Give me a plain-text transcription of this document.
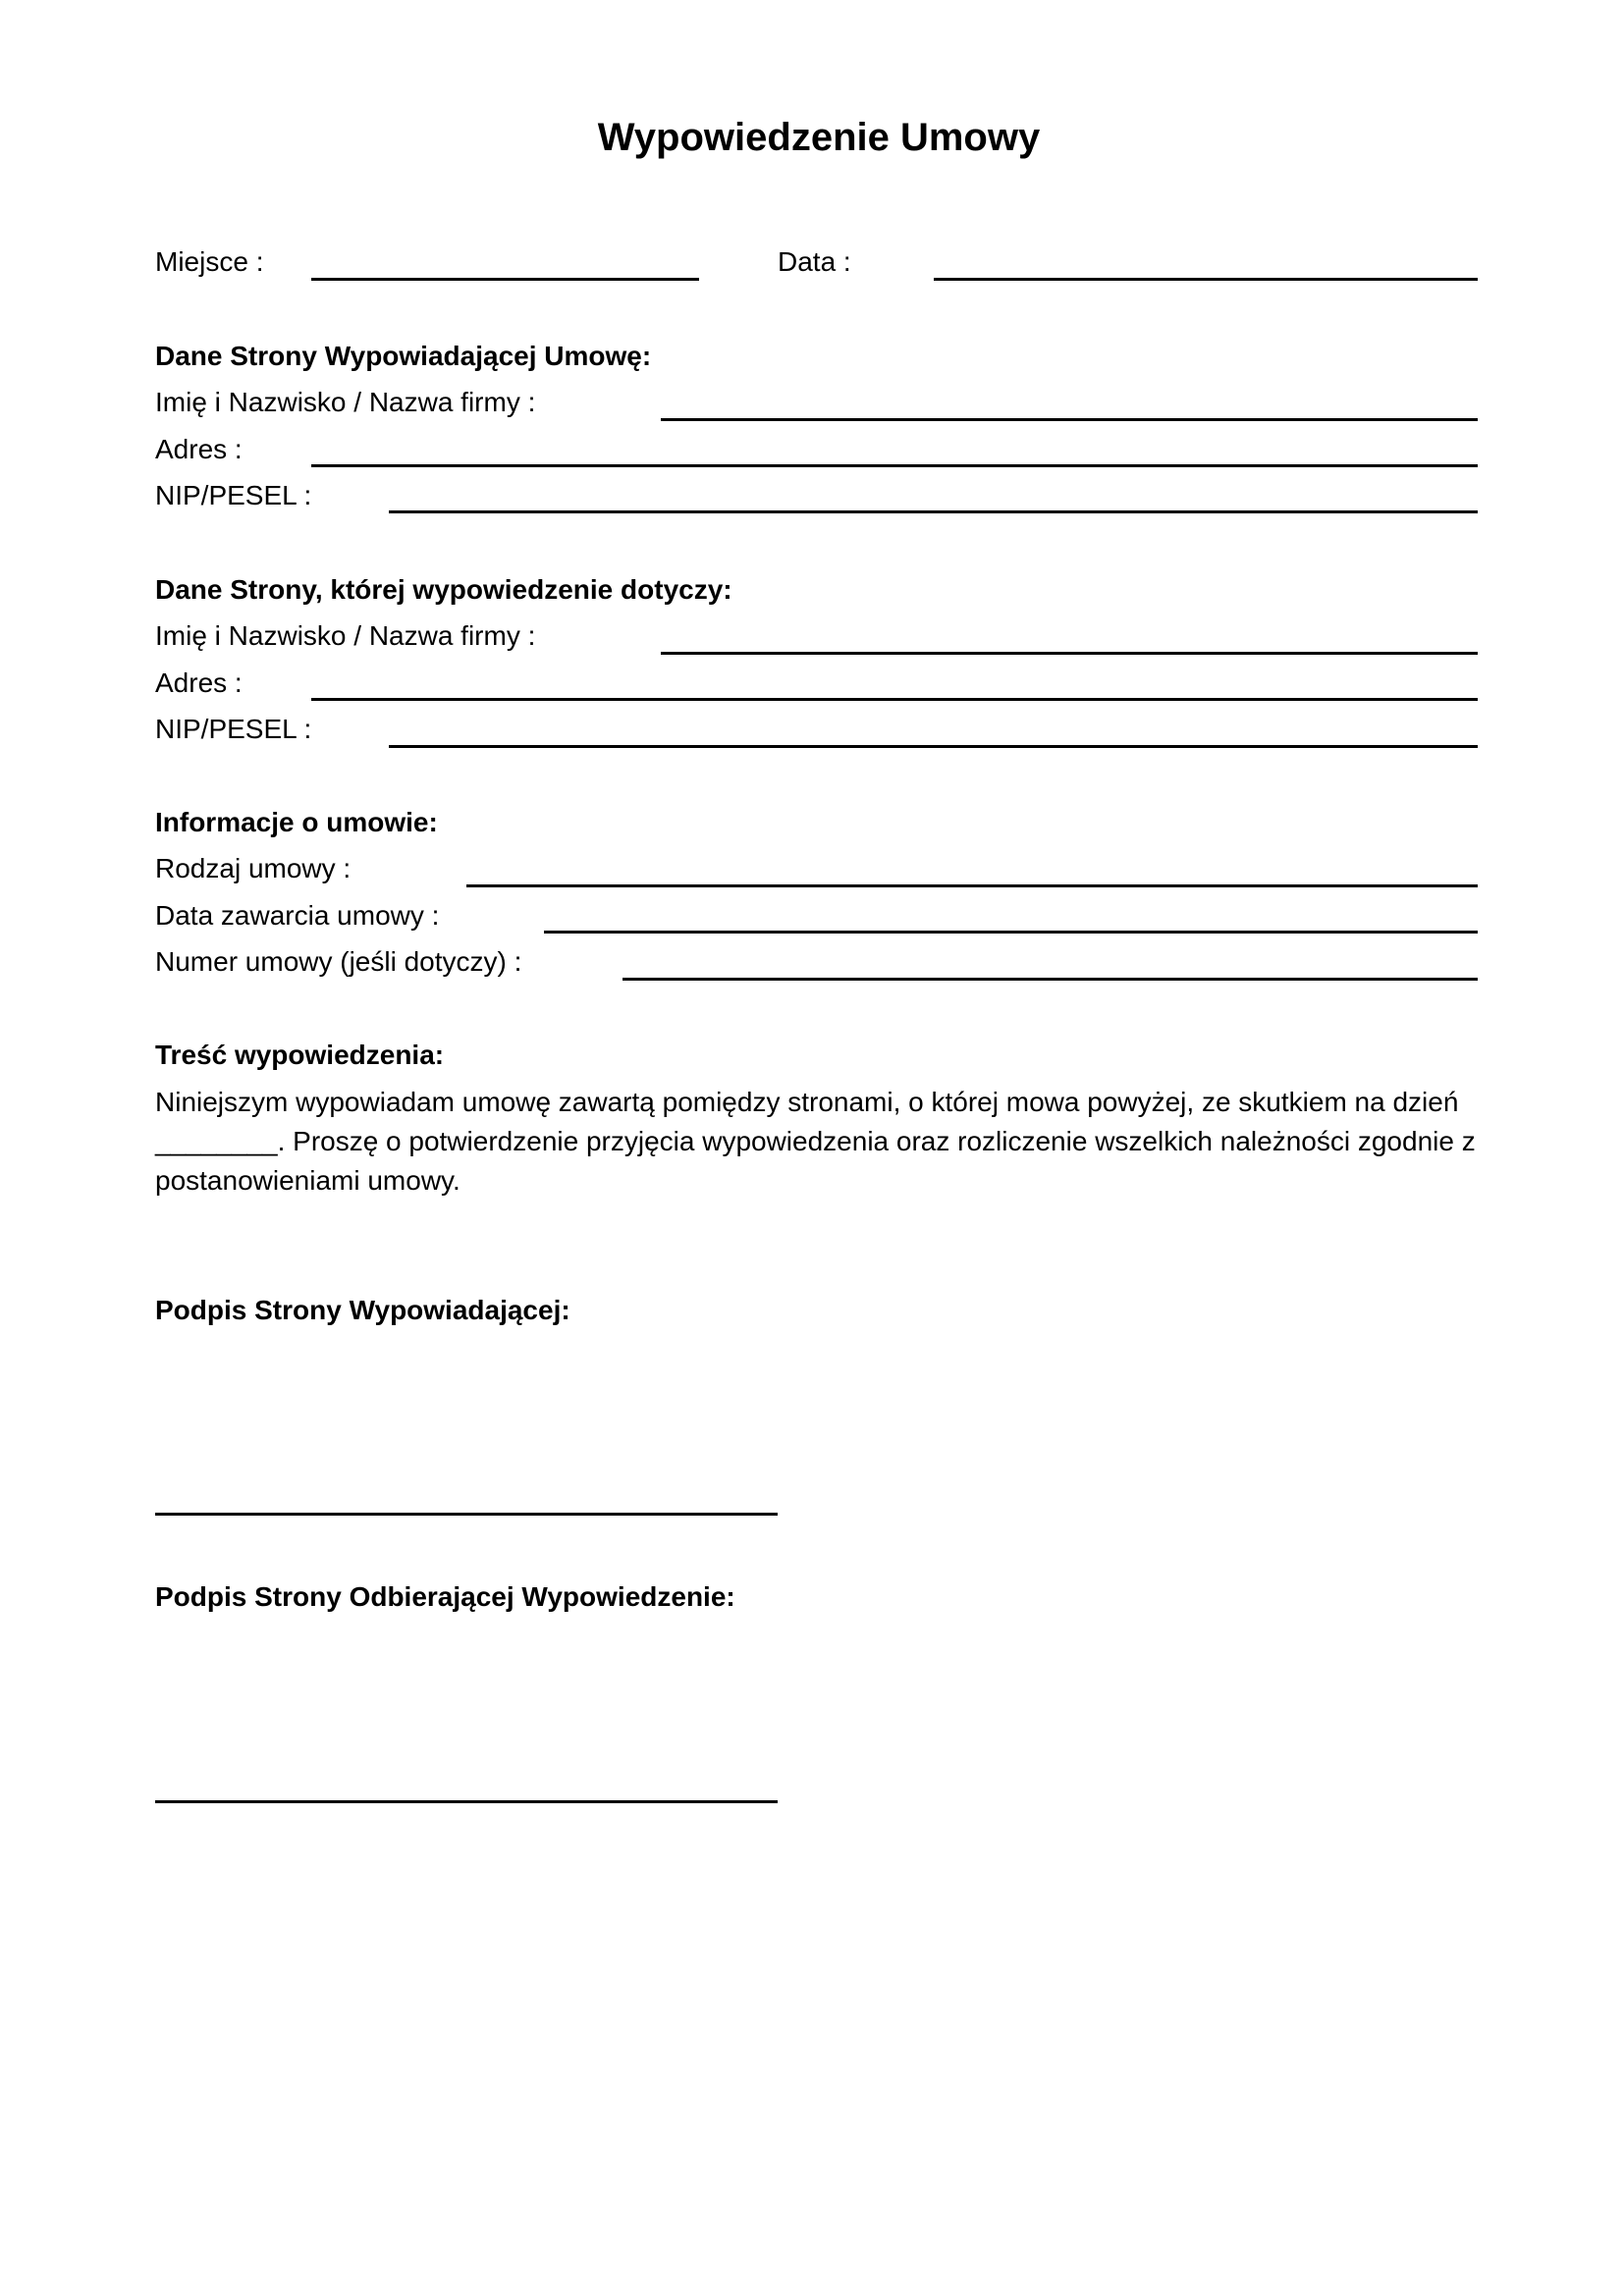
Wypowiedzenie Umowy
Miejsce :	Data :
Dane Strony Wypowiadającej Umowę:
Imię i Nazwisko / Nazwa firmy :
Adres :
NIP/PESEL :
Dane Strony, której wypowiedzenie dotyczy:
Imię i Nazwisko / Nazwa firmy :
Adres :
NIP/PESEL :
Informacje o umowie:
Rodzaj umowy :
Data zawarcia umowy :
Numer umowy (jeśli dotyczy) :
Treść wypowiedzenia:
Niniejszym wypowiadam umowę zawartą pomiędzy stronami, o której mowa powyżej, ze skutkiem na dzień ________. Proszę o potwierdzenie przyjęcia wypowiedzenia oraz rozliczenie wszelkich należności zgodnie z postanowieniami umowy.
Podpis Strony Wypowiadającej:
Podpis Strony Odbierającej Wypowiedzenie:
